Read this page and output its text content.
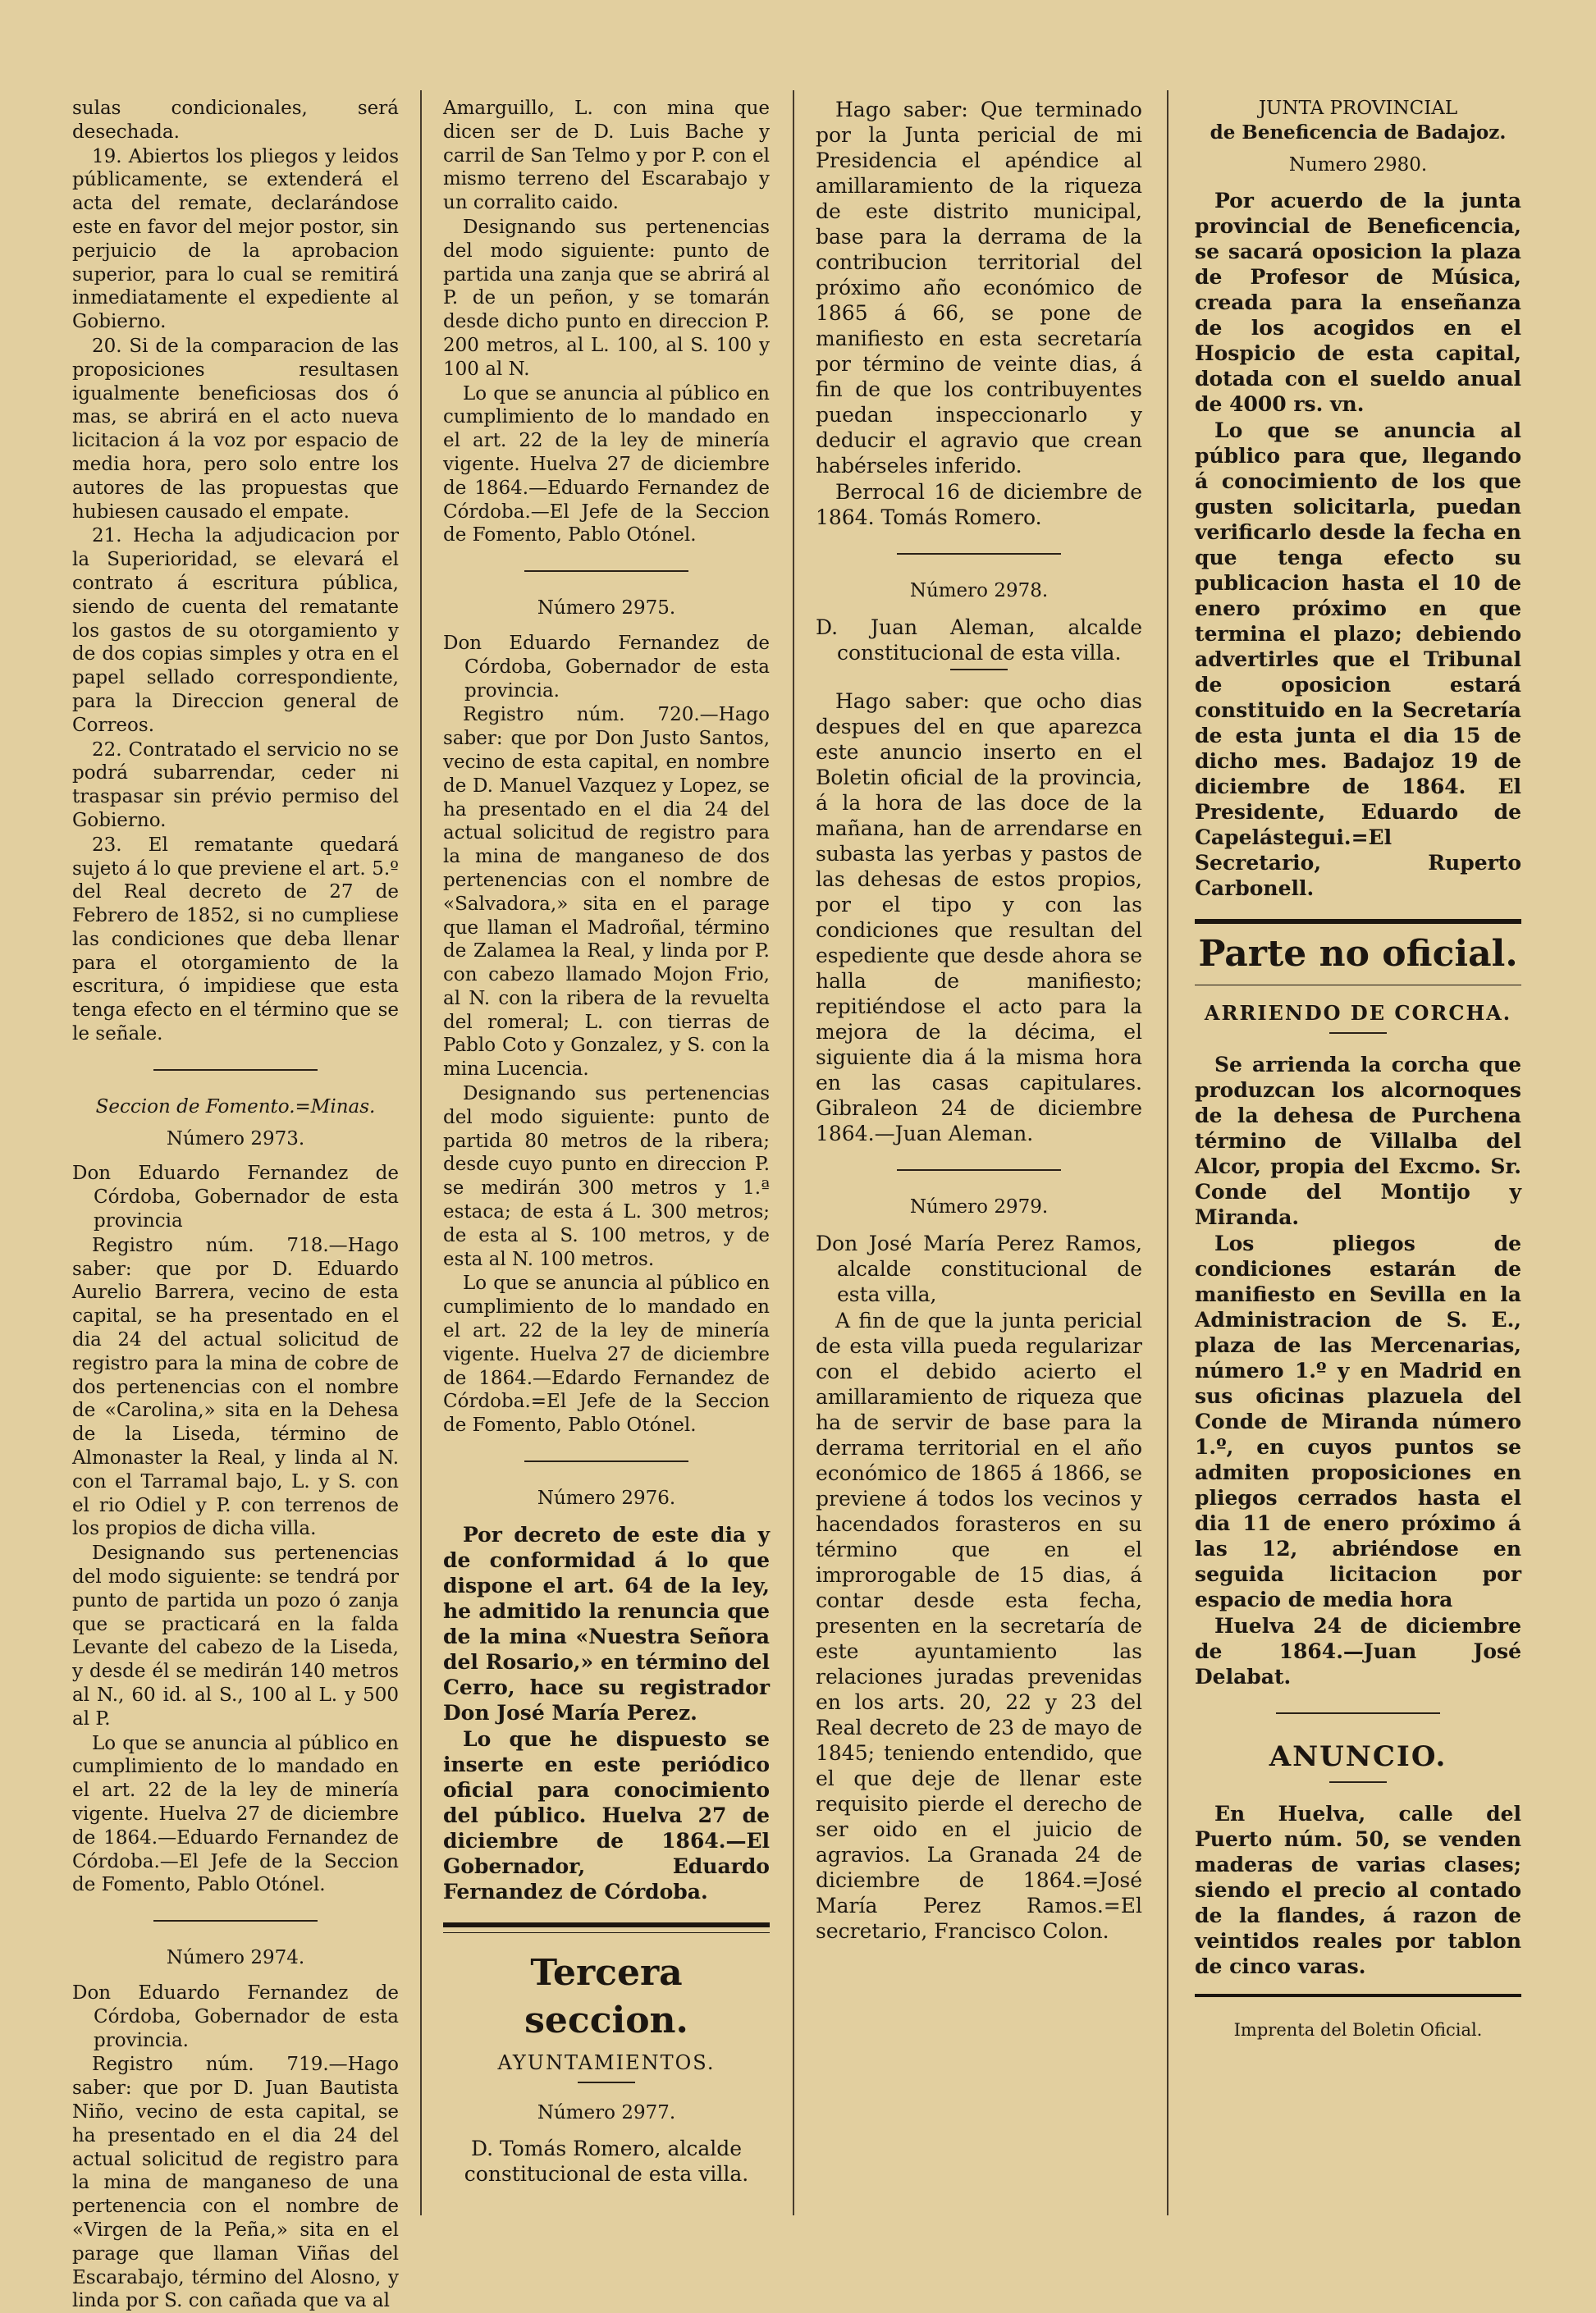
sulas condicionales, será desechada.

19. Abiertos los pliegos y leidos públicamente, se extenderá el acta del remate, declarándose este en favor del mejor postor, sin perjuicio de la aprobacion superior, para lo cual se remitirá inmediatamente el expediente al Gobierno.

20. Si de la comparacion de las proposiciones resultasen igualmente beneficiosas dos ó mas, se abrirá en el acto nueva licitacion á la voz por espacio de media hora, pero solo entre los autores de las propuestas que hubiesen causado el empate.

21. Hecha la adjudicacion por la Superioridad, se elevará el contrato á escritura pública, siendo de cuenta del rematante los gastos de su otorgamiento y de dos copias simples y otra en el papel sellado correspondiente, para la Direccion general de Correos.

22. Contratado el servicio no se podrá subarrendar, ceder ni traspasar sin prévio permiso del Gobierno.

23. El rematante quedará sujeto á lo que previene el art. 5.º del Real decreto de 27 de Febrero de 1852, si no cumpliese las condiciones que deba llenar para el otorgamiento de la escritura, ó impidiese que esta tenga efecto en el término que se le señale.

Seccion de Fomento.=Minas.

Número 2973.

Don Eduardo Fernandez de Córdoba, Gobernador de esta provincia

Registro núm. 718.—Hago saber: que por D. Eduardo Aurelio Barrera, vecino de esta capital, se ha presentado en el dia 24 del actual solicitud de registro para la mina de cobre de dos pertenencias con el nombre de «Carolina,» sita en la Dehesa de la Liseda, término de Almonaster la Real, y linda al N. con el Tarramal bajo, L. y S. con el rio Odiel y P. con terrenos de los propios de dicha villa.

Designando sus pertenencias del modo siguiente: se tendrá por punto de partida un pozo ó zanja que se practicará en la falda Levante del cabezo de la Liseda, y desde él se medirán 140 metros al N., 60 id. al S., 100 al L. y 500 al P.

Lo que se anuncia al público en cumplimiento de lo mandado en el art. 22 de la ley de minería vigente. Huelva 27 de diciembre de 1864.—Eduardo Fernandez de Córdoba.—El Jefe de la Seccion de Fomento, Pablo Otónel.

Número 2974.

Don Eduardo Fernandez de Córdoba, Gobernador de esta provincia.

Registro núm. 719.—Hago saber: que por D. Juan Bautista Niño, vecino de esta capital, se ha presentado en el dia 24 del actual solicitud de registro para la mina de manganeso de una pertenencia con el nombre de «Virgen de la Peña,» sita en el parage que llaman Viñas del Escarabajo, término del Alosno, y linda por S. con cañada que va al

Amarguillo, L. con mina que dicen ser de D. Luis Bache y carril de San Telmo y por P. con el mismo terreno del Escarabajo y un corralito caido.

Designando sus pertenencias del modo siguiente: punto de partida una zanja que se abrirá al P. de un peñon, y se tomarán desde dicho punto en direccion P. 200 metros, al L. 100, al S. 100 y 100 al N.

Lo que se anuncia al público en cumplimiento de lo mandado en el art. 22 de la ley de minería vigente. Huelva 27 de diciembre de 1864.—Eduardo Fernandez de Córdoba.—El Jefe de la Seccion de Fomento, Pablo Otónel.

Número 2975.

Don Eduardo Fernandez de Córdoba, Gobernador de esta provincia.

Registro núm. 720.—Hago saber: que por Don Justo Santos, vecino de esta capital, en nombre de D. Manuel Vazquez y Lopez, se ha presentado en el dia 24 del actual solicitud de registro para la mina de manganeso de dos pertenencias con el nombre de «Salvadora,» sita en el parage que llaman el Madroñal, término de Zalamea la Real, y linda por P. con cabezo llamado Mojon Frio, al N. con la ribera de la revuelta del romeral; L. con tierras de Pablo Coto y Gonzalez, y S. con la mina Lucencia.

Designando sus pertenencias del modo siguiente: punto de partida 80 metros de la ribera; desde cuyo punto en direccion P. se medirán 300 metros y 1.ª estaca; de esta á L. 300 metros; de esta al S. 100 metros, y de esta al N. 100 metros.

Lo que se anuncia al público en cumplimiento de lo mandado en el art. 22 de la ley de minería vigente. Huelva 27 de diciembre de 1864.—Edardo Fernandez de Córdoba.=El Jefe de la Seccion de Fomento, Pablo Otónel.

Número 2976.

Por decreto de este dia y de conformidad á lo que dispone el art. 64 de la ley, he admitido la renuncia que de la mina «Nuestra Señora del Rosario,» en término del Cerro, hace su registrador Don José María Perez.

Lo que he dispuesto se inserte en este periódico oficial para conocimiento del público. Huelva 27 de diciembre de 1864.—El Gobernador, Eduardo Fernandez de Córdoba.

Tercera seccion.

AYUNTAMIENTOS.

Número 2977.

D. Tomás Romero, alcalde constitucional de esta villa.

Hago saber: Que terminado por la Junta pericial de mi Presidencia el apéndice al amillaramiento de la riqueza de este distrito municipal, base para la derrama de la contribucion territorial del próximo año económico de 1865 á 66, se pone de manifiesto en esta secretaría por término de veinte dias, á fin de que los contribuyentes puedan inspeccionarlo y deducir el agravio que crean habérseles inferido.

Berrocal 16 de diciembre de 1864. Tomás Romero.

Número 2978.

D. Juan Aleman, alcalde constitucional de esta villa.

Hago saber: que ocho dias despues del en que aparezca este anuncio inserto en el Boletin oficial de la provincia, á la hora de las doce de la mañana, han de arrendarse en subasta las yerbas y pastos de las dehesas de estos propios, por el tipo y con las condiciones que resultan del espediente que desde ahora se halla de manifiesto; repitiéndose el acto para la mejora de la décima, el siguiente dia á la misma hora en las casas capitulares. Gibraleon 24 de diciembre 1864.—Juan Aleman.

Número 2979.

Don José María Perez Ramos, alcalde constitucional de esta villa,

A fin de que la junta pericial de esta villa pueda regularizar con el debido acierto el amillaramiento de riqueza que ha de servir de base para la derrama territorial en el año económico de 1865 á 1866, se previene á todos los vecinos y hacendados forasteros en su término que en el improrogable de 15 dias, á contar desde esta fecha, presenten en la secretaría de este ayuntamiento las relaciones juradas prevenidas en los arts. 20, 22 y 23 del Real decreto de 23 de mayo de 1845; teniendo entendido, que el que deje de llenar este requisito pierde el derecho de ser oido en el juicio de agravios. La Granada 24 de diciembre de 1864.=José María Perez Ramos.=El secretario, Francisco Colon.

JUNTA PROVINCIAL

de Beneficencia de Badajoz.

Numero 2980.

Por acuerdo de la junta provincial de Beneficencia, se sacará oposicion la plaza de Profesor de Música, creada para la enseñanza de los acogidos en el Hospicio de esta capital, dotada con el sueldo anual de 4000 rs. vn.

Lo que se anuncia al público para que, llegando á conocimiento de los que gusten solicitarla, puedan verificarlo desde la fecha en que tenga efecto su publicacion hasta el 10 de enero próximo en que termina el plazo; debiendo advertirles que el Tribunal de oposicion estará constituido en la Secretaría de esta junta el dia 15 de dicho mes. Badajoz 19 de diciembre de 1864. El Presidente, Eduardo de Capelástegui.=El Secretario, Ruperto Carbonell.

Parte no oficial.

ARRIENDO DE CORCHA.

Se arrienda la corcha que produzcan los alcornoques de la dehesa de Purchena término de Villalba del Alcor, propia del Excmo. Sr. Conde del Montijo y Miranda.

Los pliegos de condiciones estarán de manifiesto en Sevilla en la Administracion de S. E., plaza de las Mercenarias, número 1.º y en Madrid en sus oficinas plazuela del Conde de Miranda número 1.º, en cuyos puntos se admiten proposiciones en pliegos cerrados hasta el dia 11 de enero próximo á las 12, abriéndose en seguida licitacion por espacio de media hora

Huelva 24 de diciembre de 1864.—Juan José Delabat.

ANUNCIO.

En Huelva, calle del Puerto núm. 50, se venden maderas de varias clases; siendo el precio al contado de la flandes, á razon de veintidos reales por tablon de cinco varas.

Imprenta del Boletin Oficial.
